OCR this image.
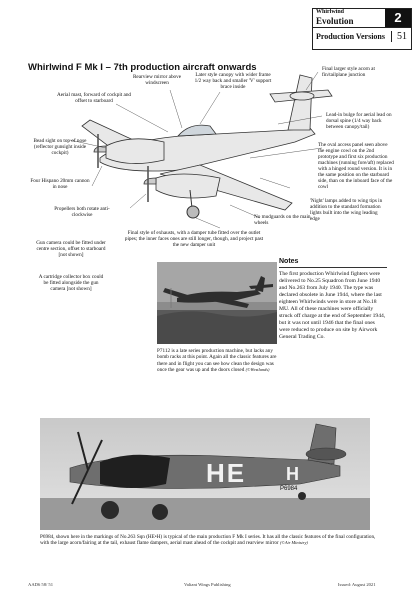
Whirlwind
Evolution	2
Production Versions	51
Whirlwind F Mk I – 7th production aircraft onwards
Rearview mirror above windscreen
Later style canopy with wider frame 1/2 way back and smaller 'V' support brace inside
Final larger style acorn at fin/tailplane junction
Aerial mast, forward of cockpit and offset to starboard
Lead-in bulge for aerial lead on dorsal spine (1/4 way back between canopy/tail)
Bead sight on top of nose (reflector gunsight inside cockpit)
The oval access panel seen above the engine cowl on the 2nd prototype and first six production machines (running fore/aft) replaced with a hinged round version. It is in the same position on the starboard side, than on the inboard face of the cowl
Four Hispano 20mm cannon in nose
Propellers both rotate anti-clockwise
'Night' lamps added to wing tips in addition to the standard formation lights built into the wing leading edge
No mudguards on the main wheels
Final style of exhausts, with a damper tube fitted over the outlet pipes; the inner faces ones are still longer, though, and project past the new damper unit
Gun camera could be fitted under centre section, offset to starboard [not shown]
A cartridge collector box could be fitted alongside the gun camera [not shown]
P7112 is a late series production machine, but lacks any bomb racks at this point. Again all the classic features are there and in flight you can see how clean the design was once the gear was up and the doors closed (©Westlands)
Notes
The first production Whirlwind fighters were delivered to No.25 Squadron from June 1940 and No.263 from July 1940. The type was declared obsolete in June 1944, where the last eighteen Whirlwinds were in store at No.18 MU. All of these machines were officially struck off charge at the end of September 1944, but it was not until 1946 that the final ones were reduced to produce on site by Airwork General Trading Co.
HE H
P6984
P6984, shown here in the markings of No.263 Sqn (HE•H) is typical of the main production F Mk I series. It has all the classic features of the final configuration, with the large acorn/fairing at the tail, exhaust flame dampers, aerial mast ahead of the cockpit and rearview mirror (©Air Ministry)
AAD6 58/ 51	Valiant Wings Publishing	Issued: August 2021
